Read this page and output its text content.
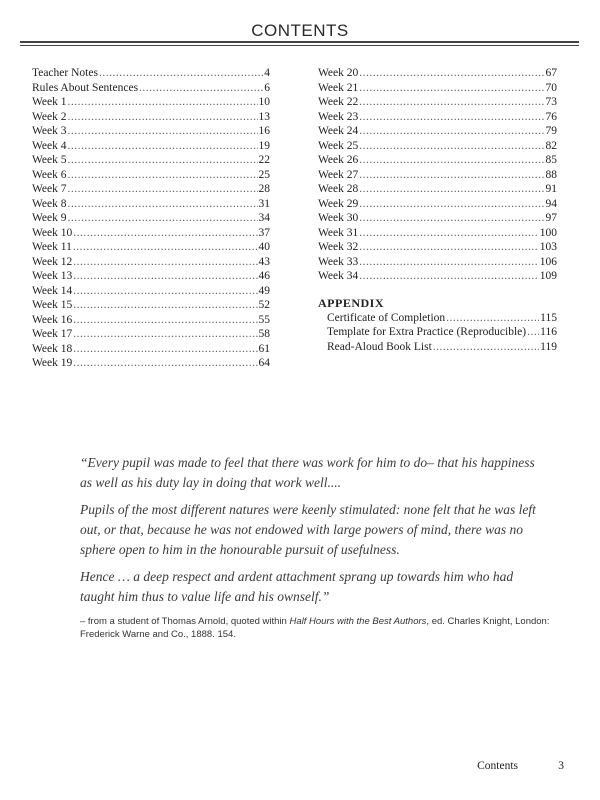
CONTENTS
Teacher Notes .....	4
Rules About Sentences .....	6
Week 1 .....	10
Week 2 .....	13
Week 3 .....	16
Week 4 .....	19
Week 5 .....	22
Week 6 .....	25
Week 7 .....	28
Week 8 .....	31
Week 9 .....	34
Week 10 .....	37
Week 11 .....	40
Week 12 .....	43
Week 13 .....	46
Week 14 .....	49
Week 15 .....	52
Week 16 .....	55
Week 17 .....	58
Week 18 .....	61
Week 19 .....	64
Week 20 .....	67
Week 21 .....	70
Week 22 .....	73
Week 23 .....	76
Week 24 .....	79
Week 25 .....	82
Week 26 .....	85
Week 27 .....	88
Week 28 .....	91
Week 29 .....	94
Week 30 .....	97
Week 31 .....	100
Week 32 .....	103
Week 33 .....	106
Week 34 .....	109
APPENDIX
Certificate of Completion .....	115
Template for Extra Practice (Reproducible) ..... 116
Read-Aloud Book List .....	119

“Every pupil was made to feel that there was work for him to do– that his happiness as well as his duty lay in doing that work well....

Pupils of the most different natures were keenly stimulated: none felt that he was left out, or that, because he was not endowed with large powers of mind, there was no sphere open to him in the honourable pursuit of usefulness.

Hence … a deep respect and ardent attachment sprang up towards him who had taught him thus to value life and his ownself.”

– from a student of Thomas Arnold, quoted within Half Hours with the Best Authors, ed. Charles Knight, London: Frederick Warne and Co., 1888. 154.
Contents	3
